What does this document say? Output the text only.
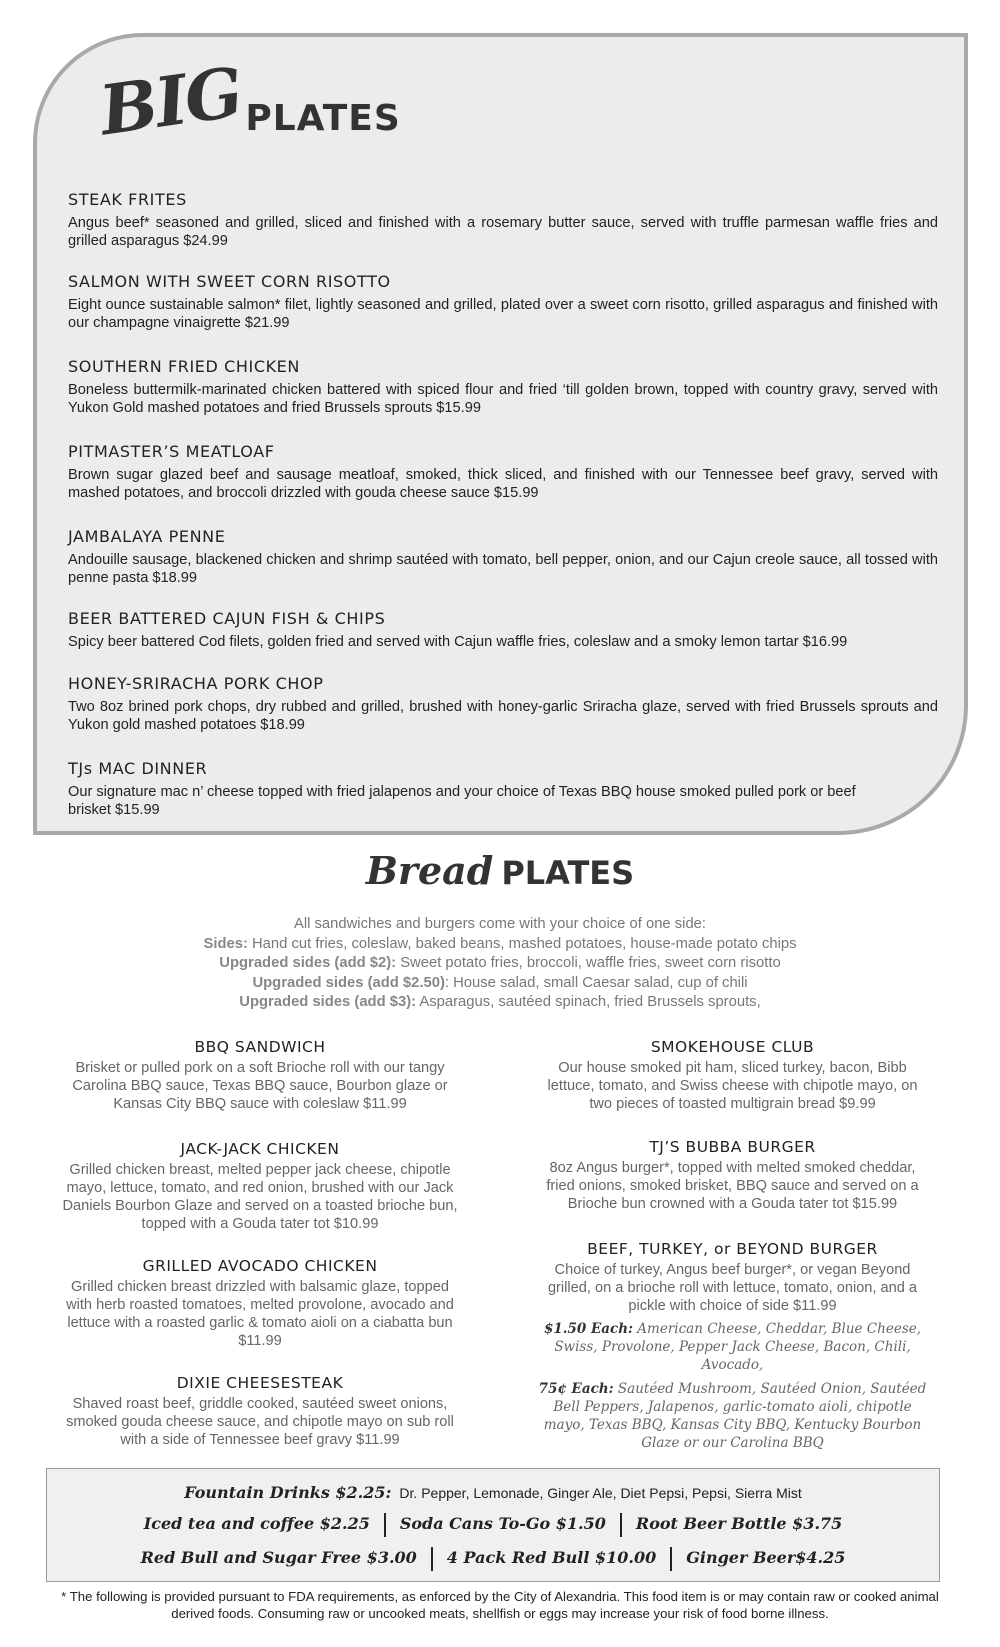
BIGPLATES
STEAK FRITES
Angus beef* seasoned and grilled, sliced and finished with a rosemary butter sauce, served with truffle parmesan waffle fries and grilled asparagus $24.99
SALMON WITH SWEET CORN RISOTTO
Eight ounce sustainable salmon* filet, lightly seasoned and grilled, plated over a sweet corn risotto, grilled asparagus and finished with our champagne vinaigrette $21.99
SOUTHERN FRIED CHICKEN
Boneless buttermilk-marinated chicken battered with spiced flour and fried ‘till golden brown, topped with country gravy, served with Yukon Gold mashed potatoes and fried Brussels sprouts $15.99
PITMASTER’S MEATLOAF
Brown sugar glazed beef and sausage meatloaf, smoked, thick sliced, and finished with our Tennessee beef gravy, served with mashed potatoes, and broccoli drizzled with gouda cheese sauce $15.99
JAMBALAYA PENNE
Andouille sausage, blackened chicken and shrimp sautéed with tomato, bell pepper, onion, and our Cajun creole sauce, all tossed with penne pasta $18.99
BEER BATTERED CAJUN FISH & CHIPS
Spicy beer battered Cod filets, golden fried and served with Cajun waffle fries, coleslaw and a smoky lemon tartar $16.99
HONEY-SRIRACHA PORK CHOP
Two 8oz brined pork chops, dry rubbed and grilled, brushed with honey-garlic Sriracha glaze, served with fried Brussels sprouts and Yukon gold mashed potatoes $18.99
TJs MAC DINNER
Our signature mac n’ cheese topped with fried jalapenos and your choice of Texas BBQ house smoked pulled pork or beef brisket $15.99
Bread PLATES
All sandwiches and burgers come with your choice of one side:
Sides: Hand cut fries, coleslaw, baked beans, mashed potatoes, house-made potato chips
Upgraded sides (add $2): Sweet potato fries, broccoli, waffle fries, sweet corn risotto
Upgraded sides (add $2.50): House salad, small Caesar salad, cup of chili
Upgraded sides (add $3): Asparagus, sautéed spinach, fried Brussels sprouts,
BBQ SANDWICH
Brisket or pulled pork on a soft Brioche roll with our tangy Carolina BBQ sauce, Texas BBQ sauce, Bourbon glaze or Kansas City BBQ sauce with coleslaw $11.99
JACK-JACK CHICKEN
Grilled chicken breast, melted pepper jack cheese, chipotle mayo, lettuce, tomato, and red onion, brushed with our Jack Daniels Bourbon Glaze and served on a toasted brioche bun, topped with a Gouda tater tot $10.99
GRILLED AVOCADO CHICKEN
Grilled chicken breast drizzled with balsamic glaze, topped with herb roasted tomatoes, melted provolone, avocado and lettuce with a roasted garlic & tomato aioli on a ciabatta bun $11.99
DIXIE CHEESESTEAK
Shaved roast beef, griddle cooked, sautéed sweet onions, smoked gouda cheese sauce, and chipotle mayo on sub roll with a side of Tennessee beef gravy $11.99
SMOKEHOUSE CLUB
Our house smoked pit ham, sliced turkey, bacon, Bibb lettuce, tomato, and Swiss cheese with chipotle mayo, on two pieces of toasted multigrain bread $9.99
TJ’S BUBBA BURGER
8oz Angus burger*, topped with melted smoked cheddar, fried onions, smoked brisket, BBQ sauce and served on a Brioche bun crowned with a Gouda tater tot $15.99
BEEF, TURKEY, or BEYOND BURGER
Choice of turkey, Angus beef burger*, or vegan Beyond grilled, on a brioche roll with lettuce, tomato, onion, and a pickle with choice of side $11.99
$1.50 Each: American Cheese, Cheddar, Blue Cheese, Swiss, Provolone, Pepper Jack Cheese, Bacon, Chili, Avocado,
75¢ Each: Sautéed Mushroom, Sautéed Onion, Sautéed Bell Peppers, Jalapenos, garlic-tomato aioli, chipotle mayo, Texas BBQ, Kansas City BBQ, Kentucky Bourbon Glaze or our Carolina BBQ
Fountain Drinks $2.25: Dr. Pepper, Lemonade, Ginger Ale, Diet Pepsi, Pepsi, Sierra Mist
Iced tea and coffee $2.25 Soda Cans To-Go $1.50 Root Beer Bottle $3.75
Red Bull and Sugar Free $3.00 4 Pack Red Bull $10.00 Ginger Beer$4.25
* The following is provided pursuant to FDA requirements, as enforced by the City of Alexandria. This food item is or may contain raw or cooked animal derived foods. Consuming raw or uncooked meats, shellfish or eggs may increase your risk of food borne illness.
